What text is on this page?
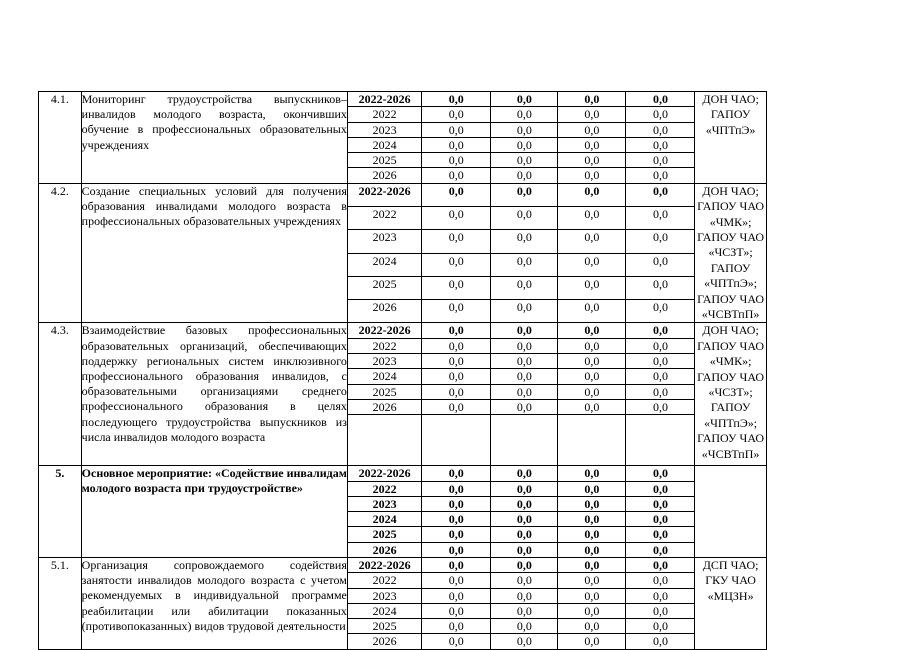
4.1.	Мониторинг трудоустройства выпускников–инвалидов молодого возраста, окончивших обучение в профессиональных образовательных учреждениях	2022-2026	0,0	0,0	0,0	0,0	ДОН ЧАО;
ГАПОУ «ЧПТпЭ»
		2022	0,0	0,0	0,0	0,0	
		2023	0,0	0,0	0,0	0,0	
		2024	0,0	0,0	0,0	0,0	
		2025	0,0	0,0	0,0	0,0	
		2026	0,0	0,0	0,0	0,0	
4.2.	Создание специальных условий для получения образования инвалидами молодого возраста в профессиональных образовательных учреждениях	2022-2026	0,0	0,0	0,0	0,0	ДОН ЧАО; ГАПОУ ЧАО «ЧМК»; ГАПОУ ЧАО «ЧСЗТ»; ГАПОУ «ЧПТпЭ»; ГАПОУ ЧАО «ЧСВТпП»
		2022	0,0	0,0	0,0	0,0	
		2023	0,0	0,0	0,0	0,0	
		2024	0,0	0,0	0,0	0,0	
		2025	0,0	0,0	0,0	0,0	
		2026	0,0	0,0	0,0	0,0	
4.3.	Взаимодействие базовых профессиональных образовательных организаций, обеспечивающих поддержку региональных систем инклюзивного профессионального образования инвалидов, с образовательными организациями среднего профессионального образования в целях последующего трудоустройства выпускников из числа инвалидов молодого возраста	2022-2026	0,0	0,0	0,0	0,0	ДОН ЧАО; ГАПОУ ЧАО «ЧМК»; ГАПОУ ЧАО «ЧСЗТ»; ГАПОУ «ЧПТпЭ»; ГАПОУ ЧАО «ЧСВТпП»
		2022	0,0	0,0	0,0	0,0	
		2023	0,0	0,0	0,0	0,0	
		2024	0,0	0,0	0,0	0,0	
		2025	0,0	0,0	0,0	0,0	
		2026	0,0	0,0	0,0	0,0	

5.	Основное мероприятие: «Содействие инвалидам молодого возраста при трудоустройстве»	2022-2026	0,0	0,0	0,0	0,0	
		2022	0,0	0,0	0,0	0,0	
		2023	0,0	0,0	0,0	0,0	
		2024	0,0	0,0	0,0	0,0	
		2025	0,0	0,0	0,0	0,0	
		2026	0,0	0,0	0,0	0,0	
5.1.	Организация сопровождаемого содействия занятости инвалидов молодого возраста с учетом рекомендуемых в индивидуальной программе реабилитации или абилитации показанных (противопоказанных) видов трудовой деятельности	2022-2026	0,0	0,0	0,0	0,0	ДСП ЧАО;
ГКУ ЧАО «МЦЗН»
		2022	0,0	0,0	0,0	0,0	
		2023	0,0	0,0	0,0	0,0	
		2024	0,0	0,0	0,0	0,0	
		2025	0,0	0,0	0,0	0,0	
		2026	0,0	0,0	0,0	0,0	
